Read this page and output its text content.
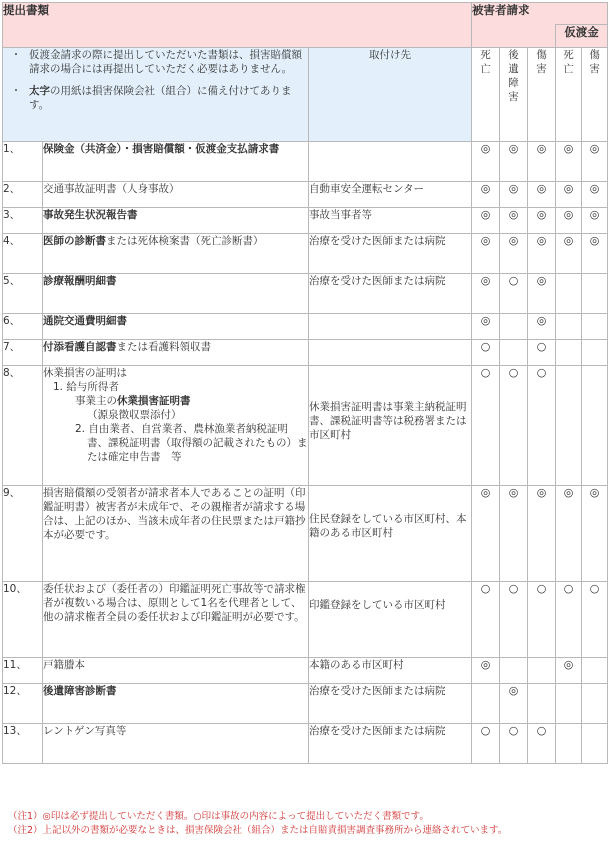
提出書類			被害者請求				
						仮渡金	

・ 仮渡金請求の際に提出していただいた書類は、損害賠償額請求の場合には再提出していただく必要はありません。
・ 太字の用紙は損害保険会社（組合）に備え付けてあります。		取付け先	死亡	後遺障害	傷害	死亡	傷害
1、	保険金（共済金）・損害賠償額・仮渡金支払請求書		◎	◎	◎	◎	◎
2、	交通事故証明書（人身事故）	自動車安全運転センター	◎	◎	◎	◎	◎
3、	事故発生状況報告書	事故当事者等	◎	◎	◎	◎	◎
4、	医師の診断書または死体検案書（死亡診断書）	治療を受けた医師または病院	◎	◎	◎	◎	◎
5、	診療報酬明細書	治療を受けた医師または病院	◎	○	◎		
6、	通院交通費明細書		◎		◎		
7、	付添看護自認書または看護料領収書		○		○		
8、	休業損害の証明は
1. 給与所得者
事業主の休業損害証明書
（源泉徴収票添付）
2. 自由業者、自営業者、農林漁業者納税証明書、課税証明書（取得額の記載されたもの）または確定申告書　等	休業損害証明書は事業主納税証明書、課税証明書等は税務署または市区町村	○	○	○		
9、	損害賠償額の受領者が請求者本人であることの証明（印鑑証明書）被害者が未成年で、その親権者が請求する場合は、上記のほか、当該未成年者の住民票または戸籍抄本が必要です。	住民登録をしている市区町村、本籍のある市区町村	◎	◎	◎	◎	◎
10、	委任状および（委任者の）印鑑証明死亡事故等で請求権者が複数いる場合は、原則として1名を代理者として、他の請求権者全員の委任状および印鑑証明が必要です。	印鑑登録をしている市区町村	○	○	○	○	○
11、	戸籍謄本	本籍のある市区町村	◎			◎	
12、	後遺障害診断書	治療を受けた医師または病院		◎			
13、	レントゲン写真等	治療を受けた医師または病院	○	○	○		
（注1）◎印は必ず提出していただく書類。○印は事故の内容によって提出していただく書類です。
（注2）上記以外の書類が必要なときは、損害保険会社（組合）または自賠責損害調査事務所から連絡されています。
